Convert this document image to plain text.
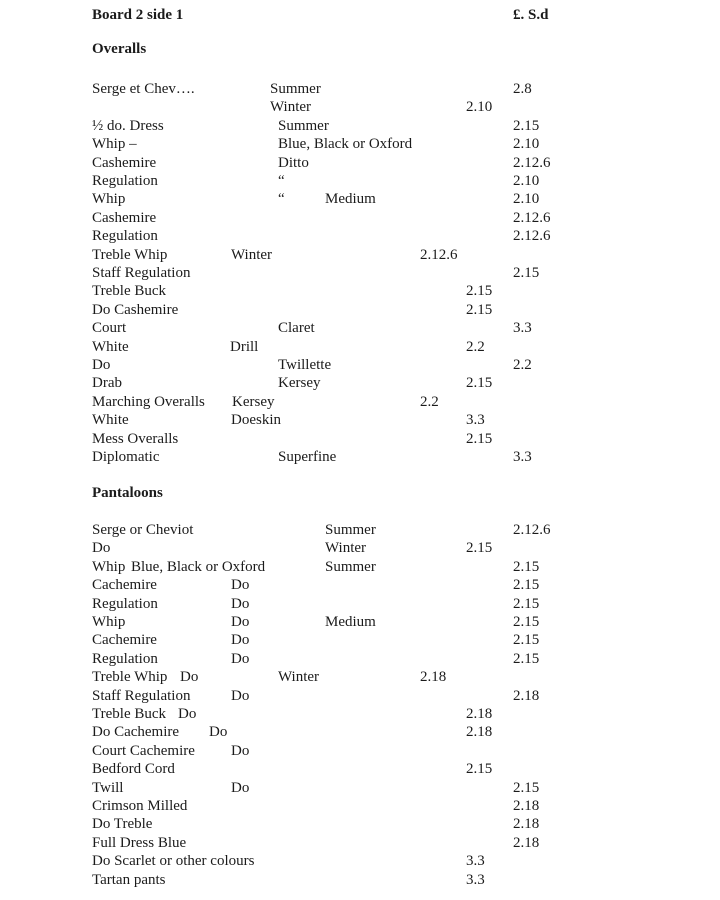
Board 2 side 1	£. S.d
Overalls
Serge et Chev….	Summer	2.8
Winter	2.10
½ do. Dress	Summer	2.15
Whip –	Blue, Black or Oxford	2.10
Cashemire	Ditto	2.12.6
Regulation	“	2.10
Whip	“	Medium	2.10
Cashemire	2.12.6
Regulation	2.12.6
Treble Whip	Winter	2.12.6
Staff Regulation	2.15
Treble Buck	2.15
Do Cashemire	2.15
Court	Claret	3.3
White	Drill	2.2
Do	Twillette	2.2
Drab	Kersey	2.15
Marching Overalls Kersey	2.2
White	Doeskin	3.3
Mess Overalls	2.15
Diplomatic	Superfine	3.3
Pantaloons
Serge or Cheviot	Summer	2.12.6
Do	Winter	2.15
Whip Blue, Black or Oxford	Summer	2.15
Cachemire	Do	2.15
Regulation	Do	2.15
Whip	Do	Medium	2.15
Cachemire	Do	2.15
Regulation	Do	2.15
Treble Whip Do	Winter	2.18
Staff Regulation	Do	2.18
Treble Buck Do	2.18
Do Cachemire Do	2.18
Court Cachemire Do
Bedford Cord	2.15
Twill	Do	2.15
Crimson Milled	2.18
Do Treble	2.18
Full Dress Blue	2.18
Do Scarlet or other colours	3.3
Tartan pants	3.3
